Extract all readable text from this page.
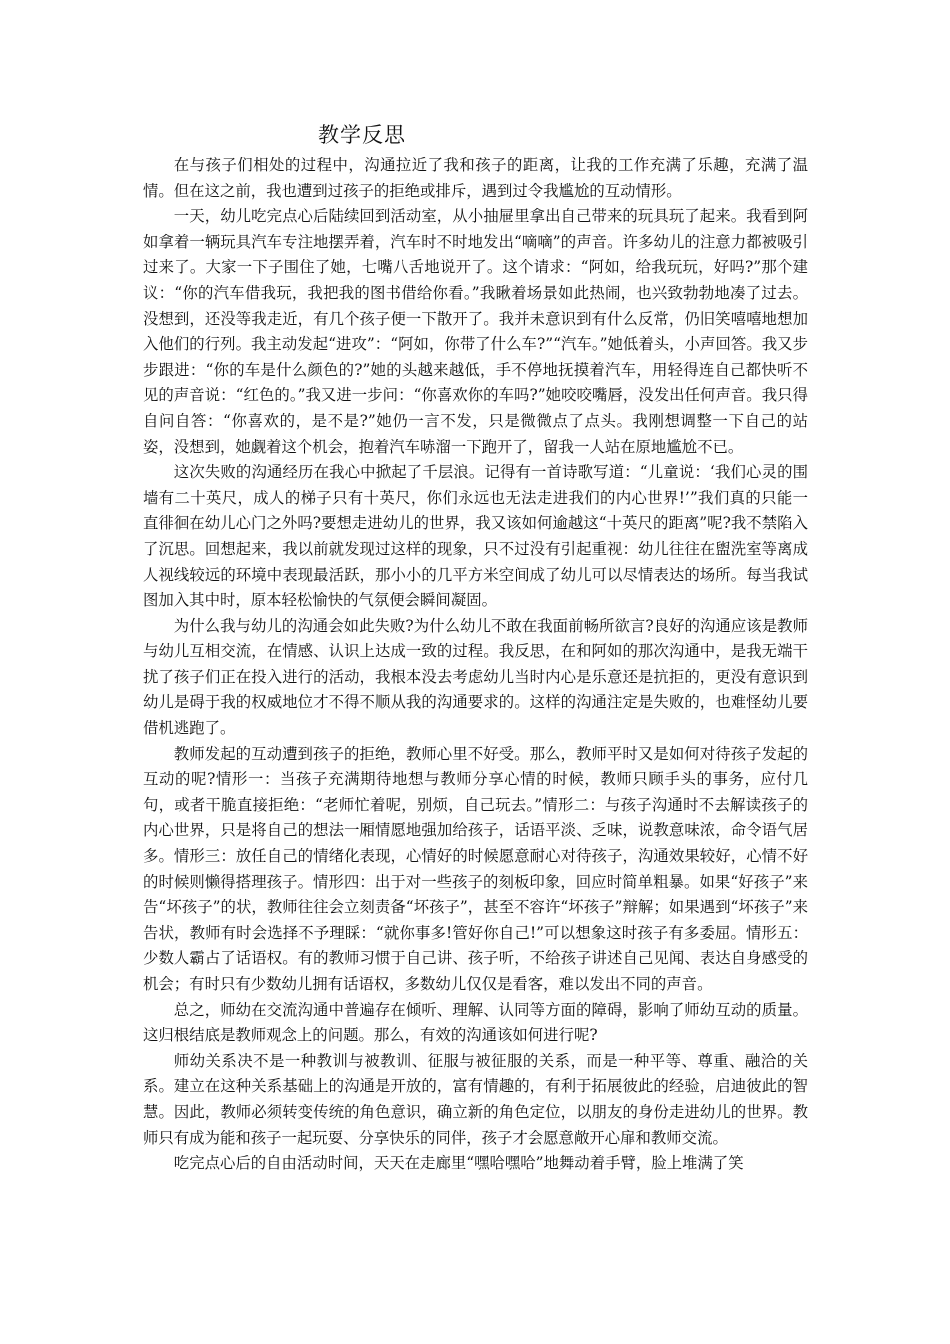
教学反思

在与孩子们相处的过程中，沟通拉近了我和孩子的距离，让我的工作充满了乐趣，充满了温情。但在这之前，我也遭到过孩子的拒绝或排斥，遇到过令我尴尬的互动情形。

一天，幼儿吃完点心后陆续回到活动室，从小抽屉里拿出自己带来的玩具玩了起来。我看到阿如拿着一辆玩具汽车专注地摆弄着，汽车时不时地发出“嘀嘀”的声音。许多幼儿的注意力都被吸引过来了。大家一下子围住了她，七嘴八舌地说开了。这个请求：“阿如，给我玩玩，好吗?”那个建议：“你的汽车借我玩，我把我的图书借给你看。”我瞅着场景如此热闹，也兴致勃勃地凑了过去。没想到，还没等我走近，有几个孩子便一下散开了。我并未意识到有什么反常，仍旧笑嘻嘻地想加入他们的行列。我主动发起“进攻”：“阿如，你带了什么车?”“汽车。”她低着头，小声回答。我又步步跟进：“你的车是什么颜色的?”她的头越来越低，手不停地抚摸着汽车，用轻得连自己都快听不见的声音说：“红色的。”我又进一步问：“你喜欢你的车吗?”她咬咬嘴唇，没发出任何声音。我只得自问自答：“你喜欢的，是不是?”她仍一言不发，只是微微点了点头。我刚想调整一下自己的站姿，没想到，她觑着这个机会，抱着汽车哧溜一下跑开了，留我一人站在原地尴尬不已。

这次失败的沟通经历在我心中掀起了千层浪。记得有一首诗歌写道：“儿童说：‘我们心灵的围墙有二十英尺，成人的梯子只有十英尺，你们永远也无法走进我们的内心世界!’”我们真的只能一直徘徊在幼儿心门之外吗?要想走进幼儿的世界，我又该如何逾越这“十英尺的距离”呢?我不禁陷入了沉思。回想起来，我以前就发现过这样的现象，只不过没有引起重视：幼儿往往在盥洗室等离成人视线较远的环境中表现最活跃，那小小的几平方米空间成了幼儿可以尽情表达的场所。每当我试图加入其中时，原本轻松愉快的气氛便会瞬间凝固。

为什么我与幼儿的沟通会如此失败?为什么幼儿不敢在我面前畅所欲言?良好的沟通应该是教师与幼儿互相交流，在情感、认识上达成一致的过程。我反思，在和阿如的那次沟通中，是我无端干扰了孩子们正在投入进行的活动，我根本没去考虑幼儿当时内心是乐意还是抗拒的，更没有意识到幼儿是碍于我的权威地位才不得不顺从我的沟通要求的。这样的沟通注定是失败的，也难怪幼儿要借机逃跑了。

教师发起的互动遭到孩子的拒绝，教师心里不好受。那么，教师平时又是如何对待孩子发起的互动的呢?情形一：当孩子充满期待地想与教师分享心情的时候，教师只顾手头的事务，应付几句，或者干脆直接拒绝：“老师忙着呢，别烦，自己玩去。”情形二：与孩子沟通时不去解读孩子的内心世界，只是将自己的想法一厢情愿地强加给孩子，话语平淡、乏味，说教意味浓，命令语气居多。情形三：放任自己的情绪化表现，心情好的时候愿意耐心对待孩子，沟通效果较好，心情不好的时候则懒得搭理孩子。情形四：出于对一些孩子的刻板印象，回应时简单粗暴。如果“好孩子”来告“坏孩子”的状，教师往往会立刻责备“坏孩子”，甚至不容许“坏孩子”辩解；如果遇到“坏孩子”来告状，教师有时会选择不予理睬：“就你事多!管好你自己!”可以想象这时孩子有多委屈。情形五：少数人霸占了话语权。有的教师习惯于自己讲、孩子听，不给孩子讲述自己见闻、表达自身感受的机会；有时只有少数幼儿拥有话语权，多数幼儿仅仅是看客，难以发出不同的声音。

总之，师幼在交流沟通中普遍存在倾听、理解、认同等方面的障碍，影响了师幼互动的质量。这归根结底是教师观念上的问题。那么，有效的沟通该如何进行呢?

师幼关系决不是一种教训与被教训、征服与被征服的关系，而是一种平等、尊重、融洽的关系。建立在这种关系基础上的沟通是开放的，富有情趣的，有利于拓展彼此的经验，启迪彼此的智慧。因此，教师必须转变传统的角色意识，确立新的角色定位，以朋友的身份走进幼儿的世界。教师只有成为能和孩子一起玩耍、分享快乐的同伴，孩子才会愿意敞开心扉和教师交流。

吃完点心后的自由活动时间，天天在走廊里“嘿哈嘿哈”地舞动着手臂，脸上堆满了笑
